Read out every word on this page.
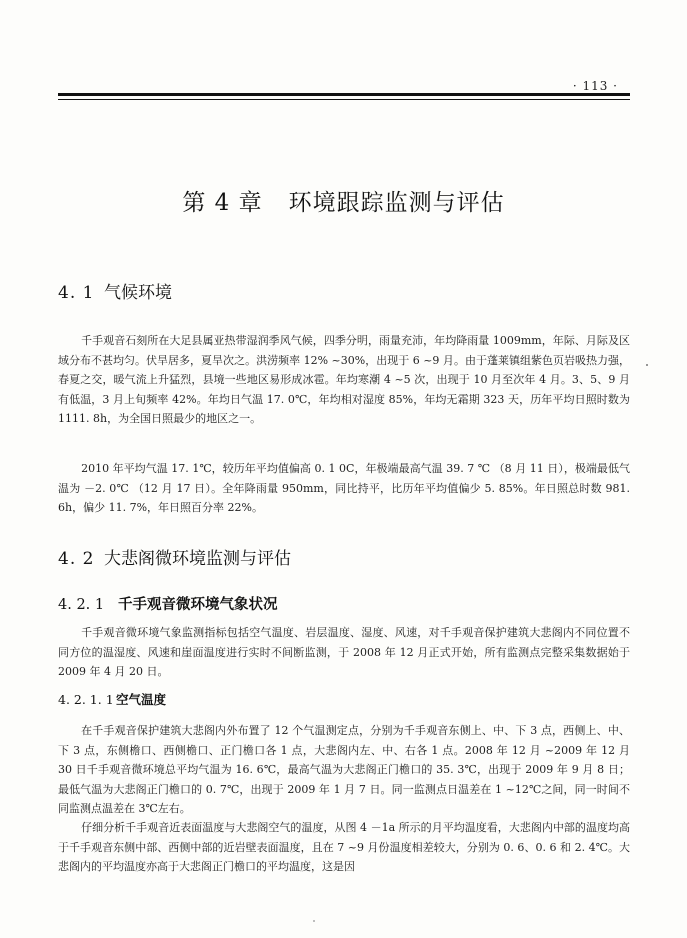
· 113 ·
第 4 章 环境跟踪监测与评估
4. 1 气候环境

千手观音石刻所在大足县属亚热带湿润季风气候，四季分明，雨量充沛，年均降雨量 1009mm，年际、月际及区域分布不甚均匀。伏旱居多，夏旱次之。洪涝频率 12% ~30%，出现于 6 ~9 月。由于蓬莱镇组紫色页岩吸热力强，春夏之交，暖气流上升猛烈，县境一些地区易形成冰雹。年均寒潮 4 ~5 次，出现于 10 月至次年 4 月。3、5、9 月有低温，3 月上旬频率 42%。年均日气温 17. 0℃，年均相对湿度 85%，年均无霜期 323 天，历年平均日照时数为 1111. 8h，为全国日照最少的地区之一。

2010 年平均气温 17. 1℃，较历年平均值偏高 0. 1 0C，年极端最高气温 39. 7 ℃ （8 月 11 日），极端最低气温为 －2. 0℃ （12 月 17 日）。全年降雨量 950mm，同比持平，比历年平均值偏少 5. 85%。年日照总时数 981. 6h，偏少 11. 7%，年日照百分率 22%。

4. 2 大悲阁微环境监测与评估
4. 2. 1 千手观音微环境气象状况

千手观音微环境气象监测指标包括空气温度、岩层温度、湿度、风速，对千手观音保护建筑大悲阁内不同位置不同方位的温湿度、风速和崖面温度进行实时不间断监测，于 2008 年 12 月正式开始，所有监测点完整采集数据始于 2009 年 4 月 20 日。

4. 2. 1. 1 空气温度

在千手观音保护建筑大悲阁内外布置了 12 个气温测定点，分别为千手观音东侧上、中、下 3 点，西侧上、中、下 3 点，东侧檐口、西侧檐口、正门檐口各 1 点，大悲阁内左、中、右各 1 点。2008 年 12 月 ~2009 年 12 月 30 日千手观音微环境总平均气温为 16. 6℃，最高气温为大悲阁正门檐口的 35. 3℃，出现于 2009 年 9 月 8 日；最低气温为大悲阁正门檐口的 0. 7℃，出现于 2009 年 1 月 7 日。同一监测点日温差在 1 ~12℃之间，同一时间不同监测点温差在 3℃左右。

仔细分析千手观音近表面温度与大悲阁空气的温度，从图 4 －1a 所示的月平均温度看，大悲阁内中部的温度均高于千手观音东侧中部、西侧中部的近岩壁表面温度，且在 7 ~9 月份温度相差较大，分别为 0. 6、0. 6 和 2. 4℃。大悲阁内的平均温度亦高于大悲阁正门檐口的平均温度，这是因
